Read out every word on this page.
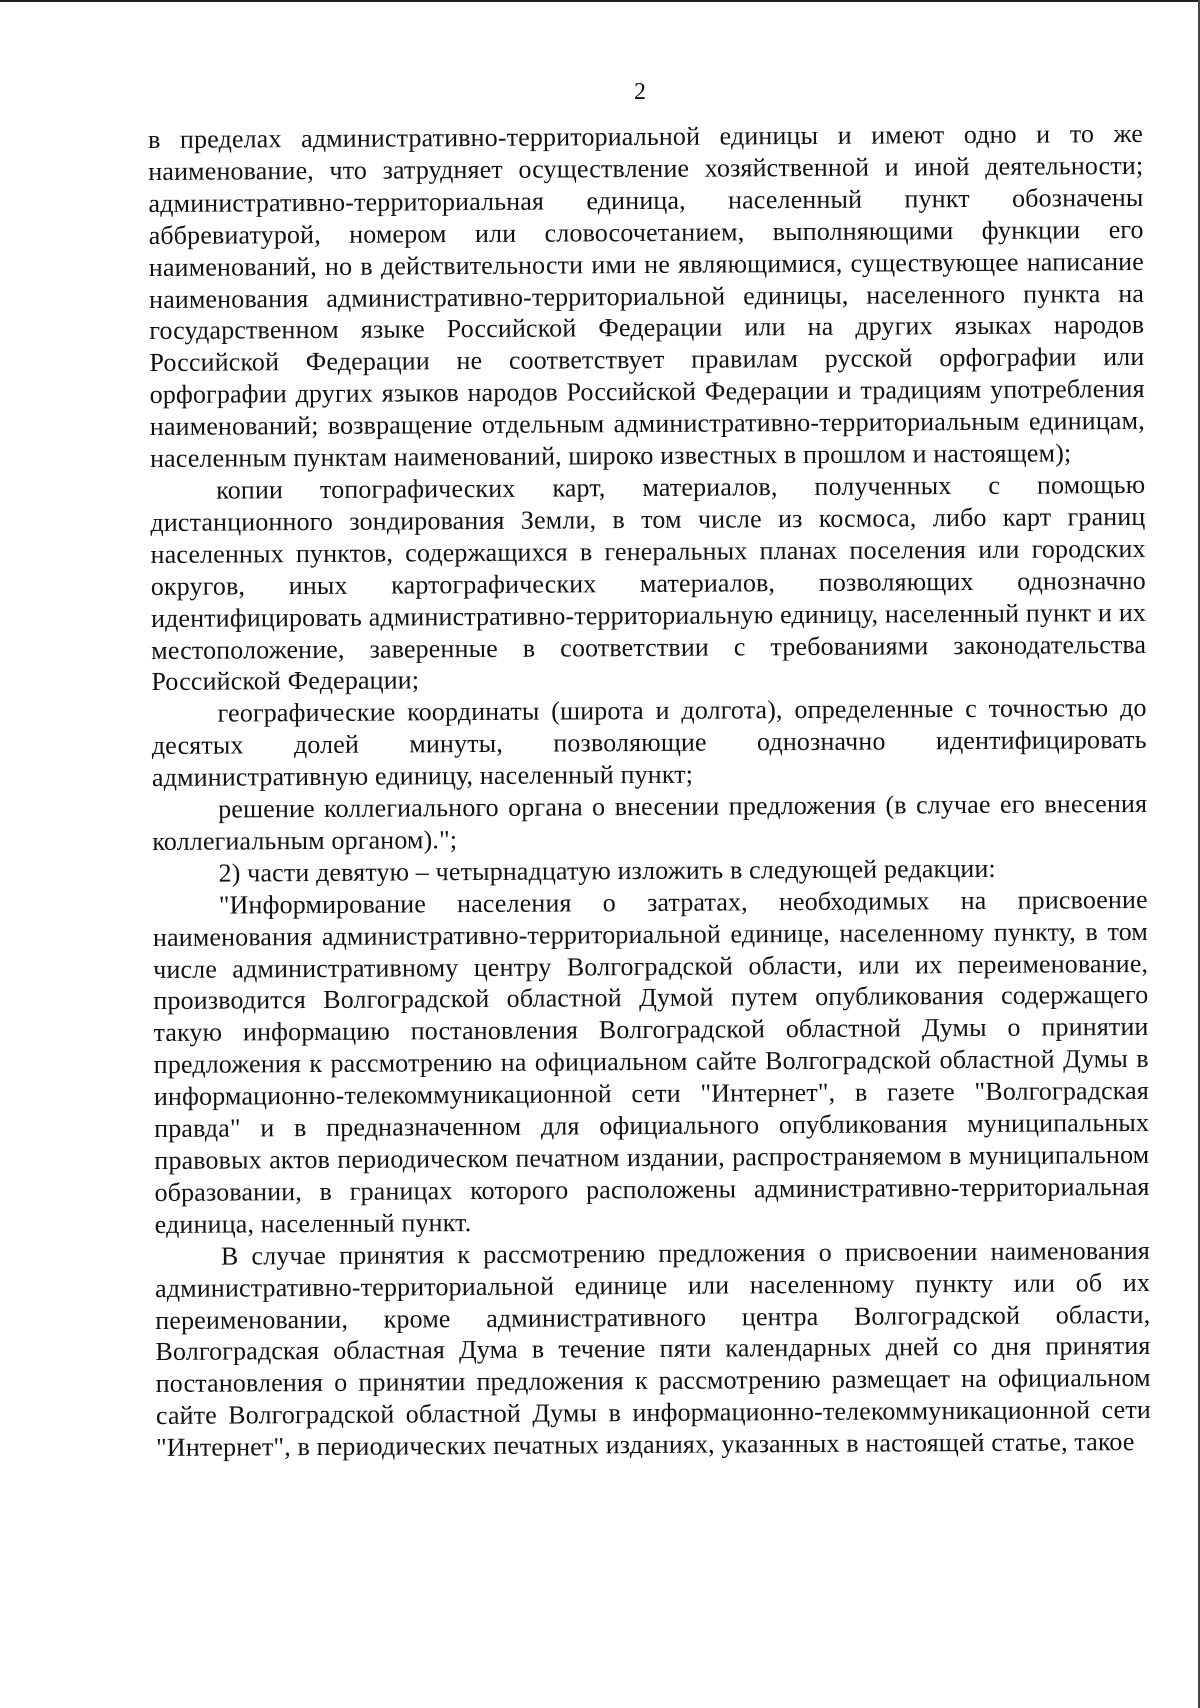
2

в пределах административно-территориальной единицы и имеют одно и то же наименование, что затрудняет осуществление хозяйственной и иной деятельности; административно-территориальная единица, населенный пункт обозначены аббревиатурой, номером или словосочетанием, выполняющими функции его наименований, но в действительности ими не являющимися, существующее написание наименования административно-территориальной единицы, населенного пункта на государственном языке Российской Федерации или на других языках народов Российской Федерации не соответствует правилам русской орфографии или орфографии других языков народов Российской Федерации и традициям употребления наименований; возвращение отдельным административно-территориальным единицам, населенным пунктам наименований, широко известных в прошлом и настоящем);

копии топографических карт, материалов, полученных с помощью дистанционного зондирования Земли, в том числе из космоса, либо карт границ населенных пунктов, содержащихся в генеральных планах поселения или городских округов, иных картографических материалов, позволяющих однозначно идентифицировать административно-территориальную единицу, населенный пункт и их местоположение, заверенные в соответствии с требованиями законодательства Российской Федерации;

географические координаты (широта и долгота), определенные с точностью до десятых долей минуты, позволяющие однозначно идентифицировать административную единицу, населенный пункт;

решение коллегиального органа о внесении предложения (в случае его внесения коллегиальным органом).";

2) части девятую – четырнадцатую изложить в следующей редакции:

"Информирование населения о затратах, необходимых на присвоение наименования административно-территориальной единице, населенному пункту, в том числе административному центру Волгоградской области, или их переименование, производится Волгоградской областной Думой путем опубликования содержащего такую информацию постановления Волгоградской областной Думы о принятии предложения к рассмотрению на официальном сайте Волгоградской областной Думы в информационно-телекоммуникационной сети "Интернет", в газете "Волгоградская правда" и в предназначенном для официального опубликования муниципальных правовых актов периодическом печатном издании, распространяемом в муниципальном образовании, в границах которого расположены административно-территориальная единица, населенный пункт.

В случае принятия к рассмотрению предложения о присвоении наименования административно-территориальной единице или населенному пункту или об их переименовании, кроме административного центра Волгоградской области, Волгоградская областная Дума в течение пяти календарных дней со дня принятия постановления о принятии предложения к рассмотрению размещает на официальном сайте Волгоградской областной Думы в информационно-телекоммуникационной сети "Интернет", в периодических печатных изданиях, указанных в настоящей статье, такое
